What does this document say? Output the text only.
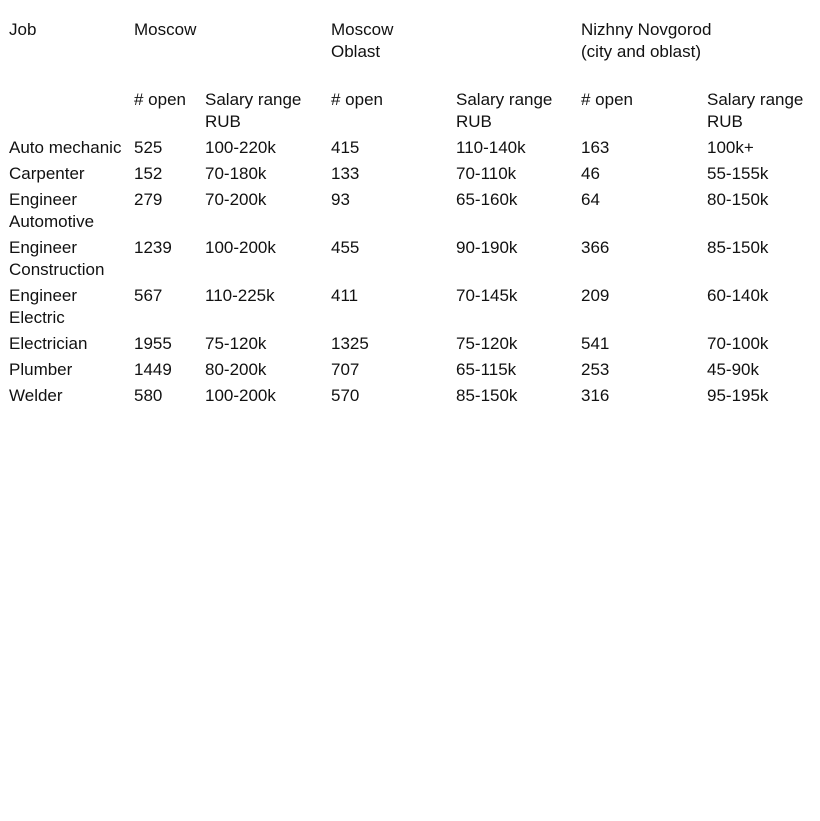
Job	Moscow		Moscow Oblast		Nizhny Novgorod (city and oblast)	
	# open	Salary range RUB	# open	Salary range RUB	# open	Salary range RUB
Auto mechanic	525	100-220k	415	110-140k	163	100k+
Carpenter	152	70-180k	133	70-110k	46	55-155k
Engineer Automotive	279	70-200k	93	65-160k	64	80-150k
Engineer Construction	1239	100-200k	455	90-190k	366	85-150k
Engineer Electric	567	110-225k	411	70-145k	209	60-140k
Electrician	1955	75-120k	1325	75-120k	541	70-100k
Plumber	1449	80-200k	707	65-115k	253	45-90k
Welder	580	100-200k	570	85-150k	316	95-195k
